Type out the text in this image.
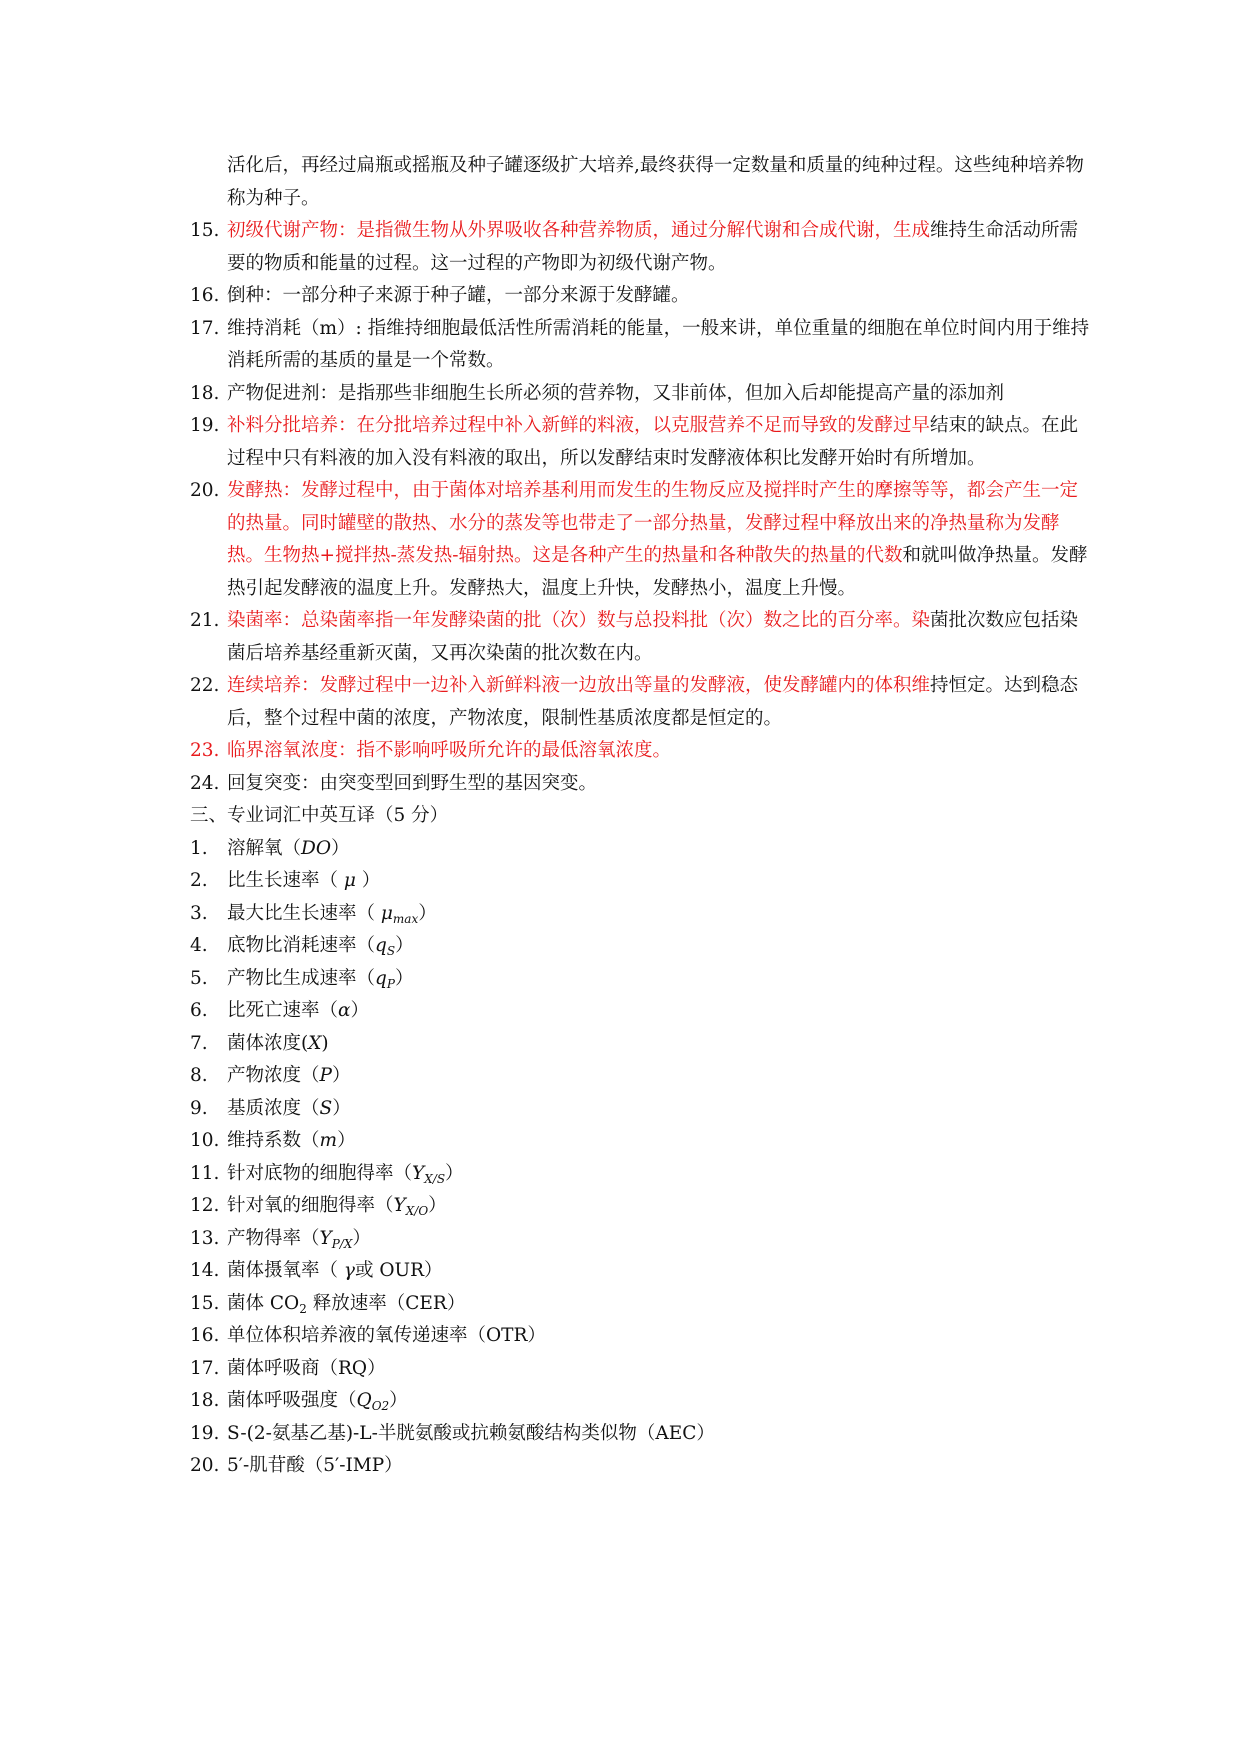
活化后，再经过扁瓶或摇瓶及种子罐逐级扩大培养,最终获得一定数量和质量的纯种过程。这些纯种培养物称为种子。
15. 初级代谢产物：是指微生物从外界吸收各种营养物质，通过分解代谢和合成代谢，生成维持生命活动所需要的物质和能量的过程。这一过程的产物即为初级代谢产物。
16. 倒种：一部分种子来源于种子罐，一部分来源于发酵罐。
17. 维持消耗（m）: 指维持细胞最低活性所需消耗的能量，一般来讲，单位重量的细胞在单位时间内用于维持消耗所需的基质的量是一个常数。
18. 产物促进剂：是指那些非细胞生长所必须的营养物，又非前体，但加入后却能提高产量的添加剂
19. 补料分批培养：在分批培养过程中补入新鲜的料液，以克服营养不足而导致的发酵过早结束的缺点。在此过程中只有料液的加入没有料液的取出，所以发酵结束时发酵液体积比发酵开始时有所增加。
20. 发酵热：发酵过程中，由于菌体对培养基利用而发生的生物反应及搅拌时产生的摩擦等等，都会产生一定的热量。同时罐壁的散热、水分的蒸发等也带走了一部分热量，发酵过程中释放出来的净热量称为发酵热。生物热+搅拌热-蒸发热-辐射热。这是各种产生的热量和各种散失的热量的代数和就叫做净热量。发酵热引起发酵液的温度上升。发酵热大，温度上升快，发酵热小，温度上升慢。
21. 染菌率：总染菌率指一年发酵染菌的批（次）数与总投料批（次）数之比的百分率。染菌批次数应包括染菌后培养基经重新灭菌，又再次染菌的批次数在内。
22. 连续培养：发酵过程中一边补入新鲜料液一边放出等量的发酵液，使发酵罐内的体积维持恒定。达到稳态后，整个过程中菌的浓度，产物浓度，限制性基质浓度都是恒定的。
23. 临界溶氧浓度：指不影响呼吸所允许的最低溶氧浓度。
24. 回复突变：由突变型回到野生型的基因突变。
三、专业词汇中英互译（5 分）
1. 溶解氧（DO）
2. 比生长速率（ μ ）
3. 最大比生长速率（ $\mu_{max}$）
4. 底物比消耗速率$(q_S)$
5. 产物比生成速率$(q_P)$
6. 比死亡速率（α）
7. 菌体浓度(X)
8. 产物浓度（P）
9. 基质浓度（S）
10. 维持系数（m）
11. 针对底物的细胞得率$(Y_{X/S})$
12. 针对氧的细胞得率$(Y_{X/O})$
13. 产物得率$(Y_{P/X})$
14. 菌体摄氧率（ γ或 OUR）
15. 菌体 $CO_2$ 释放速率（CER）
16. 单位体积培养液的氧传递速率（OTR）
17. 菌体呼吸商（RQ）
18. 菌体呼吸强度$(Q_{O2})$
19. S-(2-氨基乙基)-L-半胱氨酸或抗赖氨酸结构类似物（AEC）
20. 5′-肌苷酸（5′-IMP）
